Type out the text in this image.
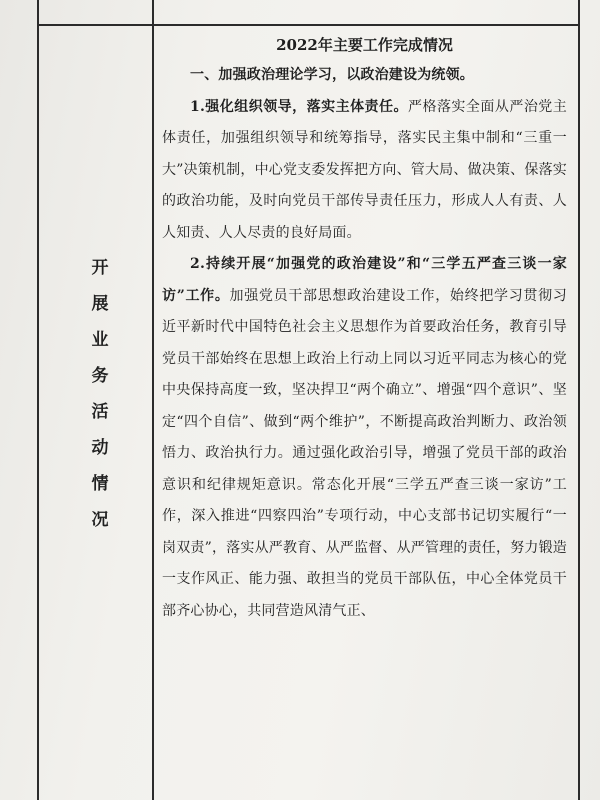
开
展
业
务
活
动
情
况
2022年主要工作完成情况

一、加强政治理论学习，以政治建设为统领。

1.强化组织领导，落实主体责任。严格落实全面从严治党主体责任，加强组织领导和统筹指导，落实民主集中制和“三重一大”决策机制，中心党支委发挥把方向、管大局、做决策、保落实的政治功能，及时向党员干部传导责任压力，形成人人有责、人人知责、人人尽责的良好局面。

2.持续开展“加强党的政治建设”和“三学五严查三谈一家访”工作。加强党员干部思想政治建设工作，始终把学习贯彻习近平新时代中国特色社会主义思想作为首要政治任务，教育引导党员干部始终在思想上政治上行动上同以习近平同志为核心的党中央保持高度一致，坚决捍卫“两个确立”、增强“四个意识”、坚定“四个自信”、做到“两个维护”，不断提高政治判断力、政治领悟力、政治执行力。通过强化政治引导，增强了党员干部的政治意识和纪律规矩意识。常态化开展“三学五严查三谈一家访”工作，深入推进“四察四治”专项行动，中心支部书记切实履行“一岗双责”，落实从严教育、从严监督、从严管理的责任，努力锻造一支作风正、能力强、敢担当的党员干部队伍，中心全体党员干部齐心协心，共同营造风清气正、
